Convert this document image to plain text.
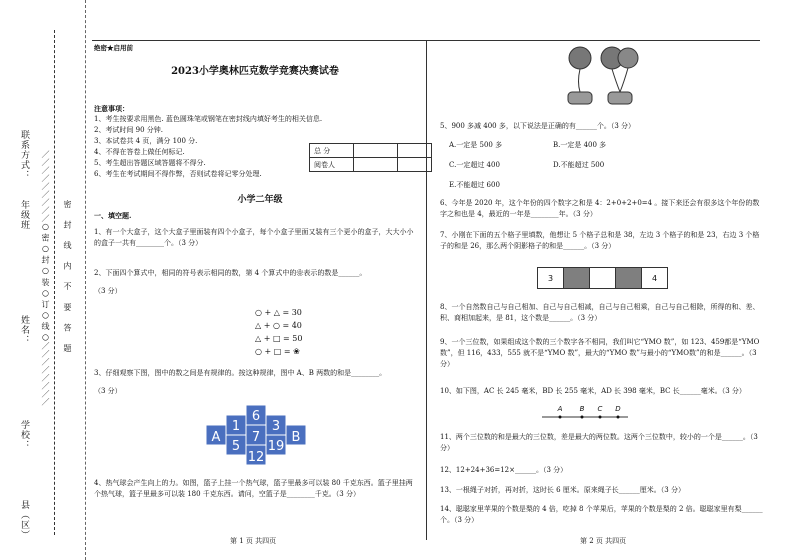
县（区）
学校：
姓名：
年级班
联系方式： ／／／／／／／／／○ 密 ○ 封 ○ 装 ○ 订 ○ 线 ○／／／／／／／／ 密 封 线 内 不 要 答 题
绝密★启用前
2023小学奥林匹克数学竞赛决赛试卷

注意事项：

1、考生按要求用黑色. 蓝色圆珠笔或钢笔在密封线内填好考生的相关信息.

2、考试时间 90 分钟.

3、本试卷共 4 页，满分 100 分.

4、不得在答卷上做任何标记.

5、考生超出答题区域答题将不得分.

6、考生在考试期间不得作弊，否则试卷将记零分处理.

总 分		
阅卷人		
小学二年级
一、填空题.
1、有一个大盒子，这个大盒子里面装有四个小盒子，每个小盒子里面又装有三个更小的盒子，大大小小的盒子一共有________个。（3 分）
2、下面四个算式中，相同的符号表示相同的数，第 4 个算式中的❀表示的数是______。
（3 分）
○ + △ = 30
△ + ○ = 40
△ + □ = 50
○ + □ = ❀
3、仔细观察下图，图中的数之间是有规律的。按这种规律，图中 A、B 两数的和是________。
（3 分）
A
6
1 3
5
7
19
12
B
4、热气球会产生向上的力。如图，篮子上挂一个热气球，篮子里最多可以装 80 千克东西。篮子里挂两个热气球，篮子里最多可以装 180 千克东西。请问，空篮子是________千克。（3 分）
第 1 页 共四页
5、900 多减 400 多，以下说法是正确的有______个。（3 分）
A.一定是 500 多	B.一定是 400 多
C.一定超过 400	D.不能超过 500
E.不能超过 600
6、今年是 2020 年，这个年份的四个数字之和是 4：2+0+2+0=4 。接下来还会有很多这个年份的数字之和也是 4，最近的一年是________年。（3 分）
7、小刚在下面的五个格子里填数，他想让 5 个格子总和是 38，左边 3 个格子的和是 23，右边 3 个格子的和是 26，那么两个阴影格子的和是______。（3 分）
3	4
8、一个自然数自己与自己相加、自己与自己相减，自己与自己相乘，自己与自己相除，所得的和、差、积、商相加起来，是 81，这个数是______。（3 分）
9、一个三位数，如果组成这个数的三个数字各不相同，我们叫它“YMO 数”，如 123、459都是“YMO 数”，但 116，433，555 就不是“YMO 数”，最大的“YMO 数”与最小的“YMO数”的和是______。（3 分）
10、如下图，AC 长 245 毫米，BD 长 255 毫米，AD 长 398 毫米，BC 长______毫米。（3 分）
A B C D
11、两个三位数的和是最大的三位数，差是最大的两位数。这两个三位数中，较小的一个是______。（3 分）
12、12+24+36=12×______。（3 分）
13、一根绳子对折，再对折，这时长 6 厘米。原来绳子长______厘米。（3 分）
14、聪聪家里苹果的个数是梨的 4 倍，吃掉 8 个苹果后，苹果的个数是梨的 2 倍。聪聪家里有梨______个。（3 分）
第 2 页 共四页
